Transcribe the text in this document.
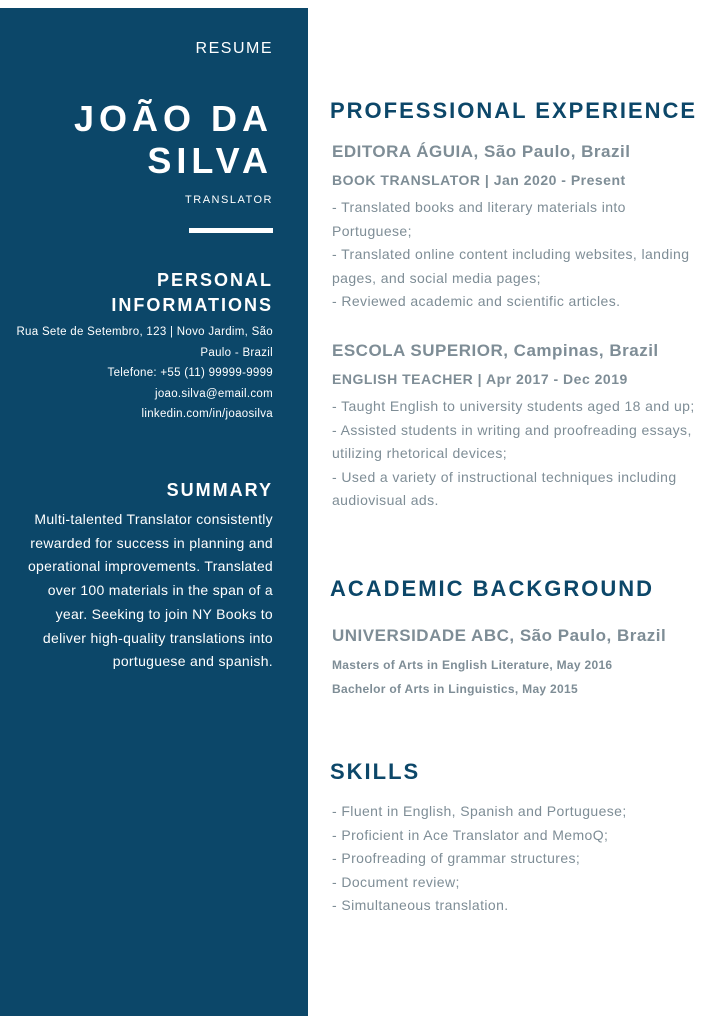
RESUME
JOÃO DA
SILVA
TRANSLATOR
PERSONAL
INFORMATIONS
Rua Sete de Setembro, 123 | Novo Jardim, São
Paulo - Brazil
Telefone: +55 (11) 99999-9999
joao.silva@email.com
linkedin.com/in/joaosilva
SUMMARY
Multi-talented Translator consistently rewarded for success in planning and operational improvements. Translated over 100 materials in the span of a year. Seeking to join NY Books to deliver high-quality translations into portuguese and spanish.
PROFESSIONAL EXPERIENCE
EDITORA ÁGUIA, São Paulo, Brazil
BOOK TRANSLATOR | Jan 2020 - Present
- Translated books and literary materials into Portuguese;
- Translated online content including websites, landing pages, and social media pages;
- Reviewed academic and scientific articles.
ESCOLA SUPERIOR, Campinas, Brazil
ENGLISH TEACHER | Apr 2017 - Dec 2019
- Taught English to university students aged 18 and up;
- Assisted students in writing and proofreading essays, utilizing rhetorical devices;
- Used a variety of instructional techniques including audiovisual ads.
ACADEMIC BACKGROUND
UNIVERSIDADE ABC, São Paulo, Brazil
Masters of Arts in English Literature, May 2016
Bachelor of Arts in Linguistics, May 2015
SKILLS
- Fluent in English, Spanish and Portuguese;
- Proficient in Ace Translator and MemoQ;
- Proofreading of grammar structures;
- Document review;
- Simultaneous translation.
